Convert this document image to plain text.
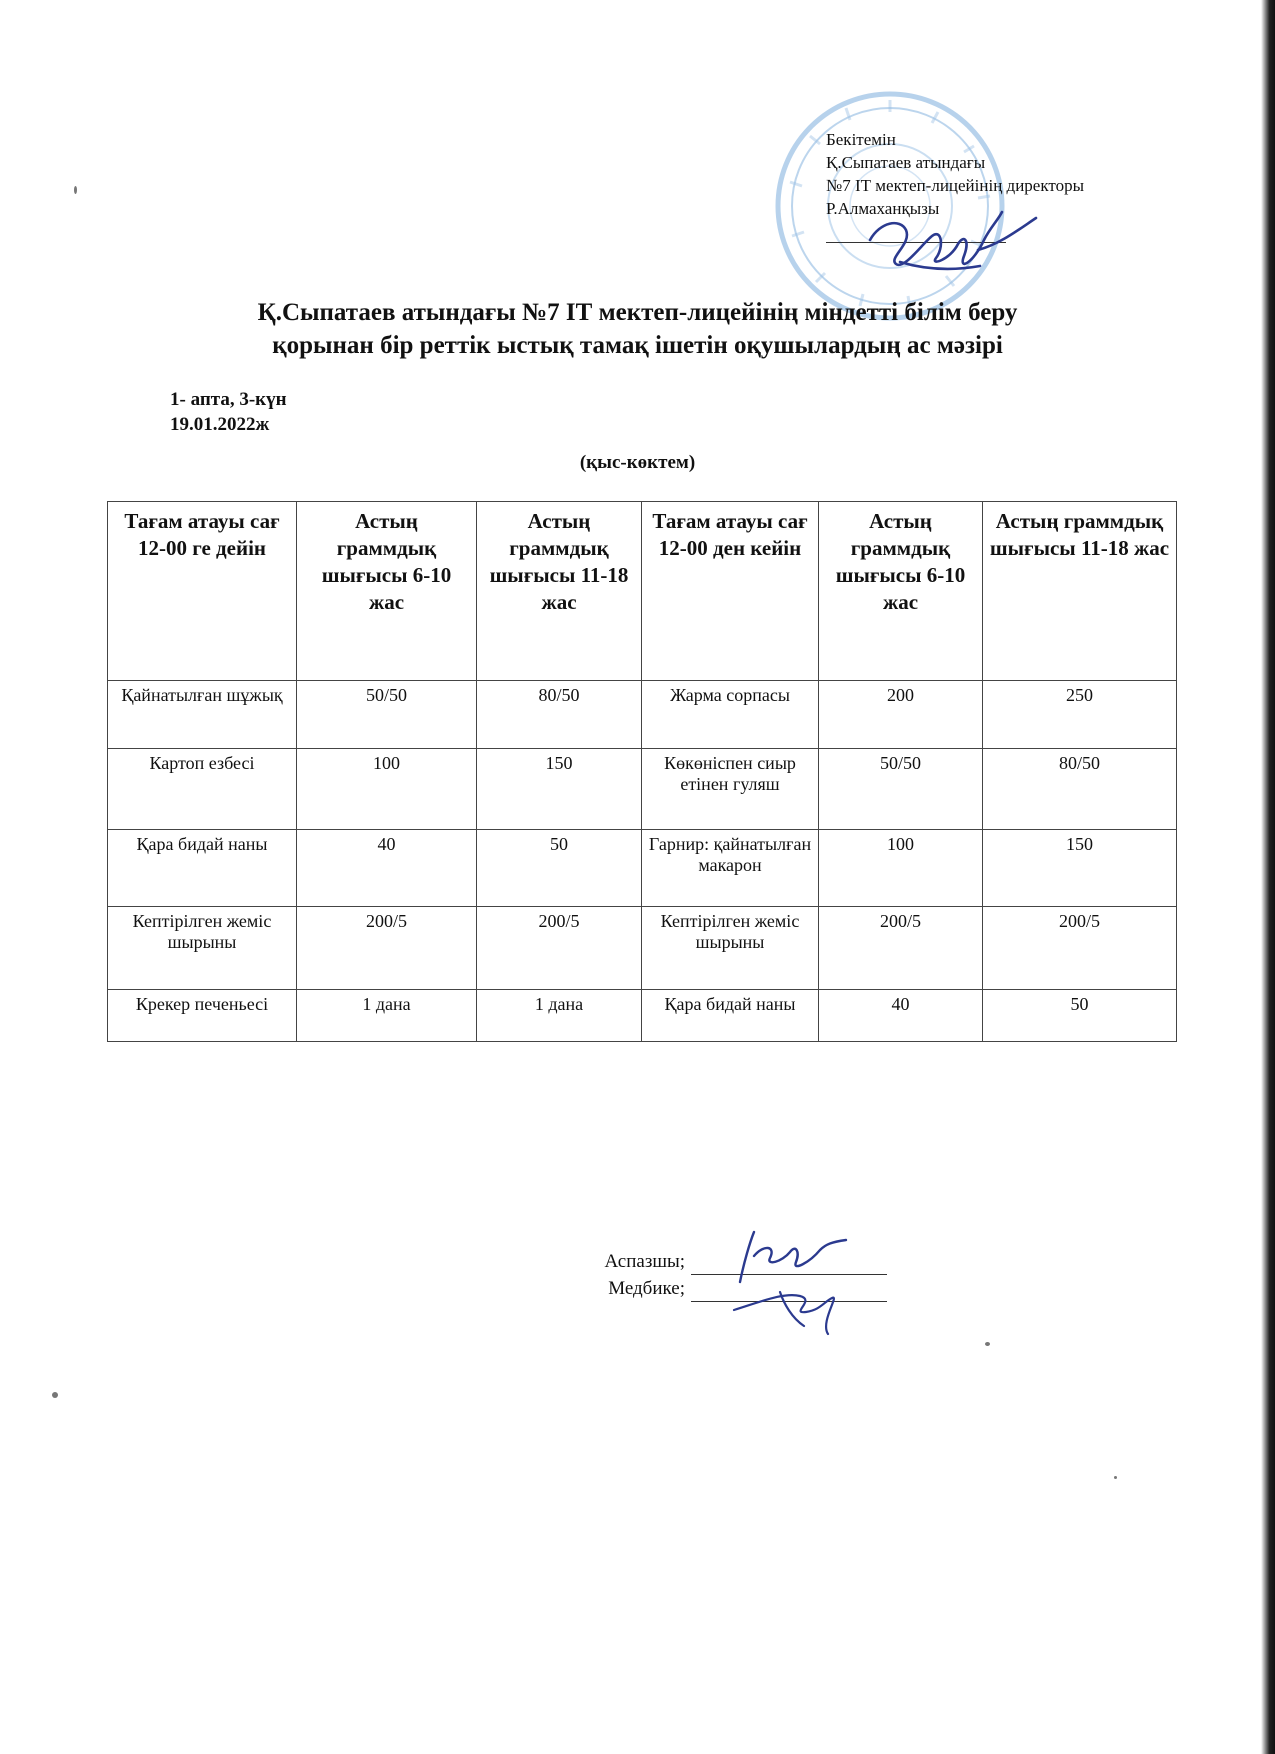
Бекітемін
Қ.Сыпатаев атындағы
№7 ІТ мектеп-лицейінің директоры
Р.Алмаханқызы
Қ.Сыпатаев атындағы №7 ІТ мектеп-лицейінің міндетті білім беру
қорынан бір реттік ыстық тамақ ішетін оқушылардың ас мәзірі
1- апта, 3-күн
19.01.2022ж
(қыс-көктем)
Тағам атауы сағ 12-00 ге дейін	Астың граммдық шығысы 6-10 жас	Астың граммдық шығысы 11-18 жас	Тағам атауы сағ 12-00 ден кейін	Астың граммдық шығысы 6-10 жас	Астың граммдық шығысы 11-18 жас
Қайнатылған шұжық	50/50	80/50	Жарма сорпасы	200	250
Картоп езбесі	100	150	Көкөніспен сиыр етінен гуляш	50/50	80/50
Қара бидай наны	40	50	Гарнир: қайнатылған макарон	100	150
Кептірілген жеміс шырыны	200/5	200/5	Кептірілген жеміс шырыны	200/5	200/5
Крекер печеньесі	1 дана	1 дана	Қара бидай наны	40	50
Аспазшы;
Медбике;
